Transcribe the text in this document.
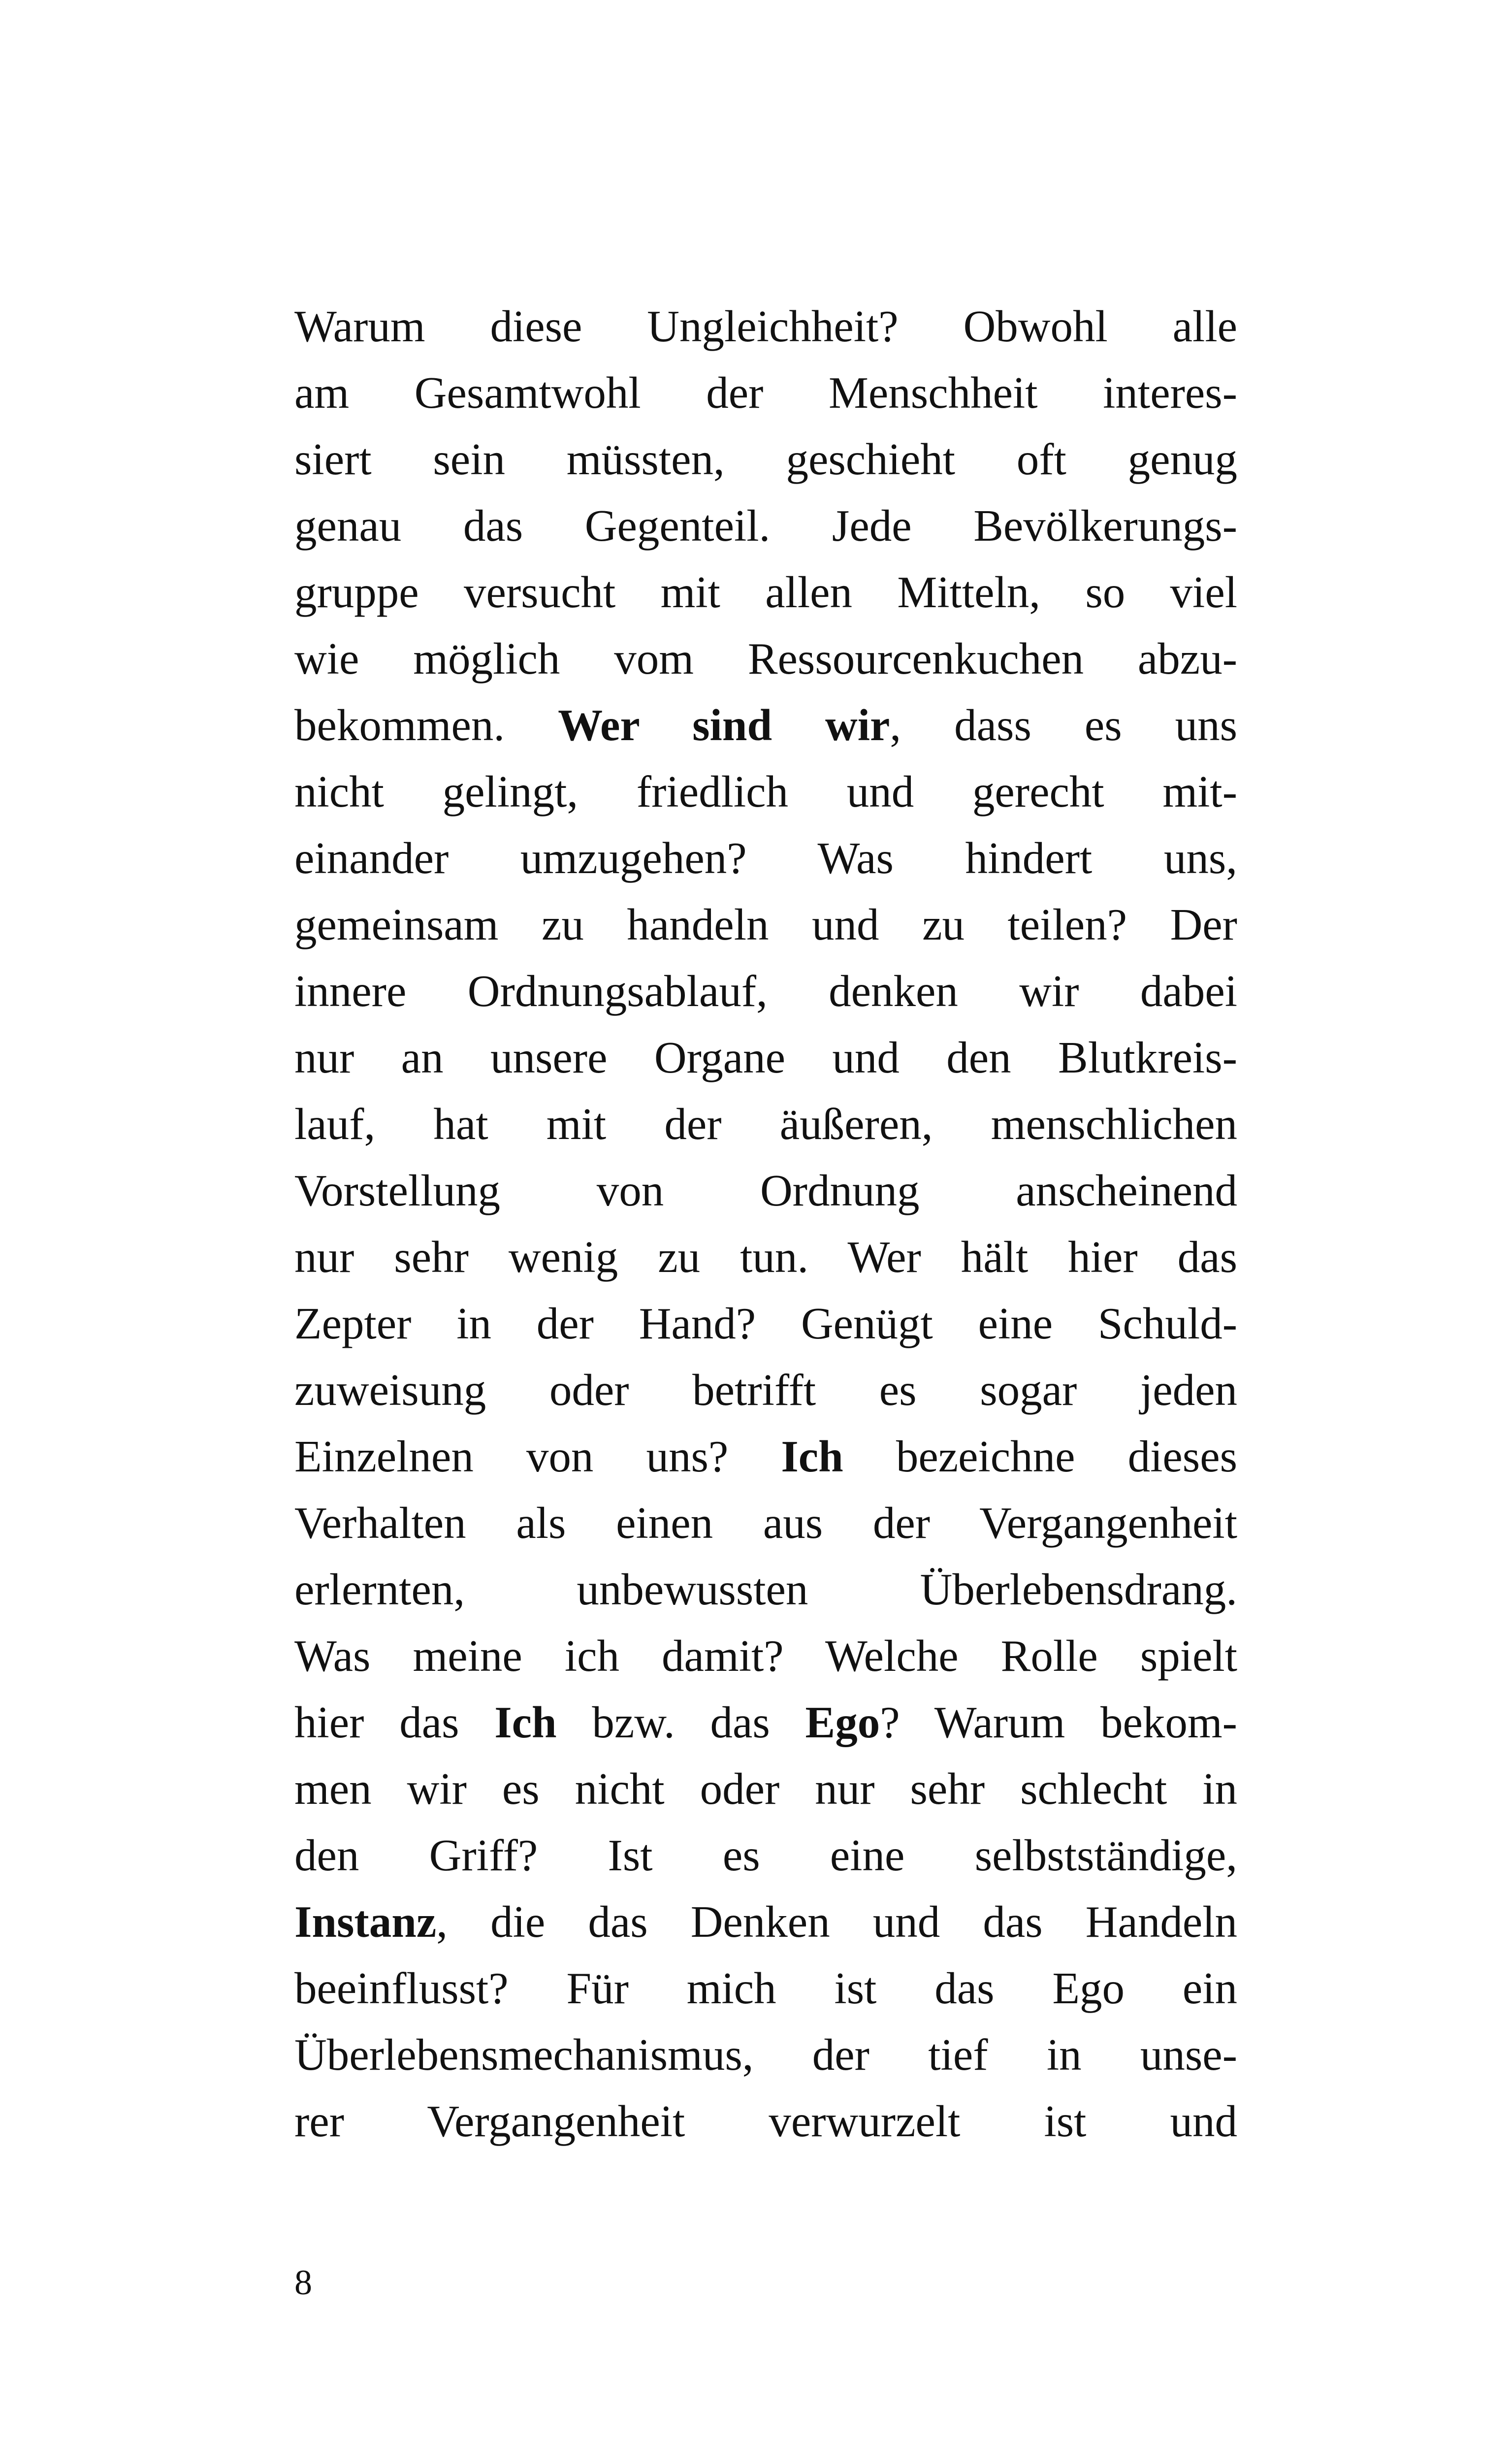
Warum diese Ungleichheit? Obwohl alle
am Gesamtwohl der Menschheit interes-
siert sein müssten, geschieht oft genug
genau das Gegenteil. Jede Bevölkerungs-
gruppe versucht mit allen Mitteln, so viel
wie möglich vom Ressourcenkuchen abzu-
bekommen. Wer sind wir, dass es uns
nicht gelingt, friedlich und gerecht mit-
einander umzugehen? Was hindert uns,
gemeinsam zu handeln und zu teilen? Der
innere Ordnungsablauf, denken wir dabei
nur an unsere Organe und den Blutkreis-
lauf, hat mit der äußeren, menschlichen
Vorstellung von Ordnung anscheinend
nur sehr wenig zu tun. Wer hält hier das
Zepter in der Hand? Genügt eine Schuld-
zuweisung oder betrifft es sogar jeden
Einzelnen von uns? Ich bezeichne dieses
Verhalten als einen aus der Vergangenheit
erlernten, unbewussten Überlebensdrang.
Was meine ich damit? Welche Rolle spielt
hier das Ich bzw. das Ego? Warum bekom-
men wir es nicht oder nur sehr schlecht in
den Griff? Ist es eine selbstständige,
Instanz, die das Denken und das Handeln
beeinflusst? Für mich ist das Ego ein
Überlebensmechanismus, der tief in unse-
rer Vergangenheit verwurzelt ist und
8
